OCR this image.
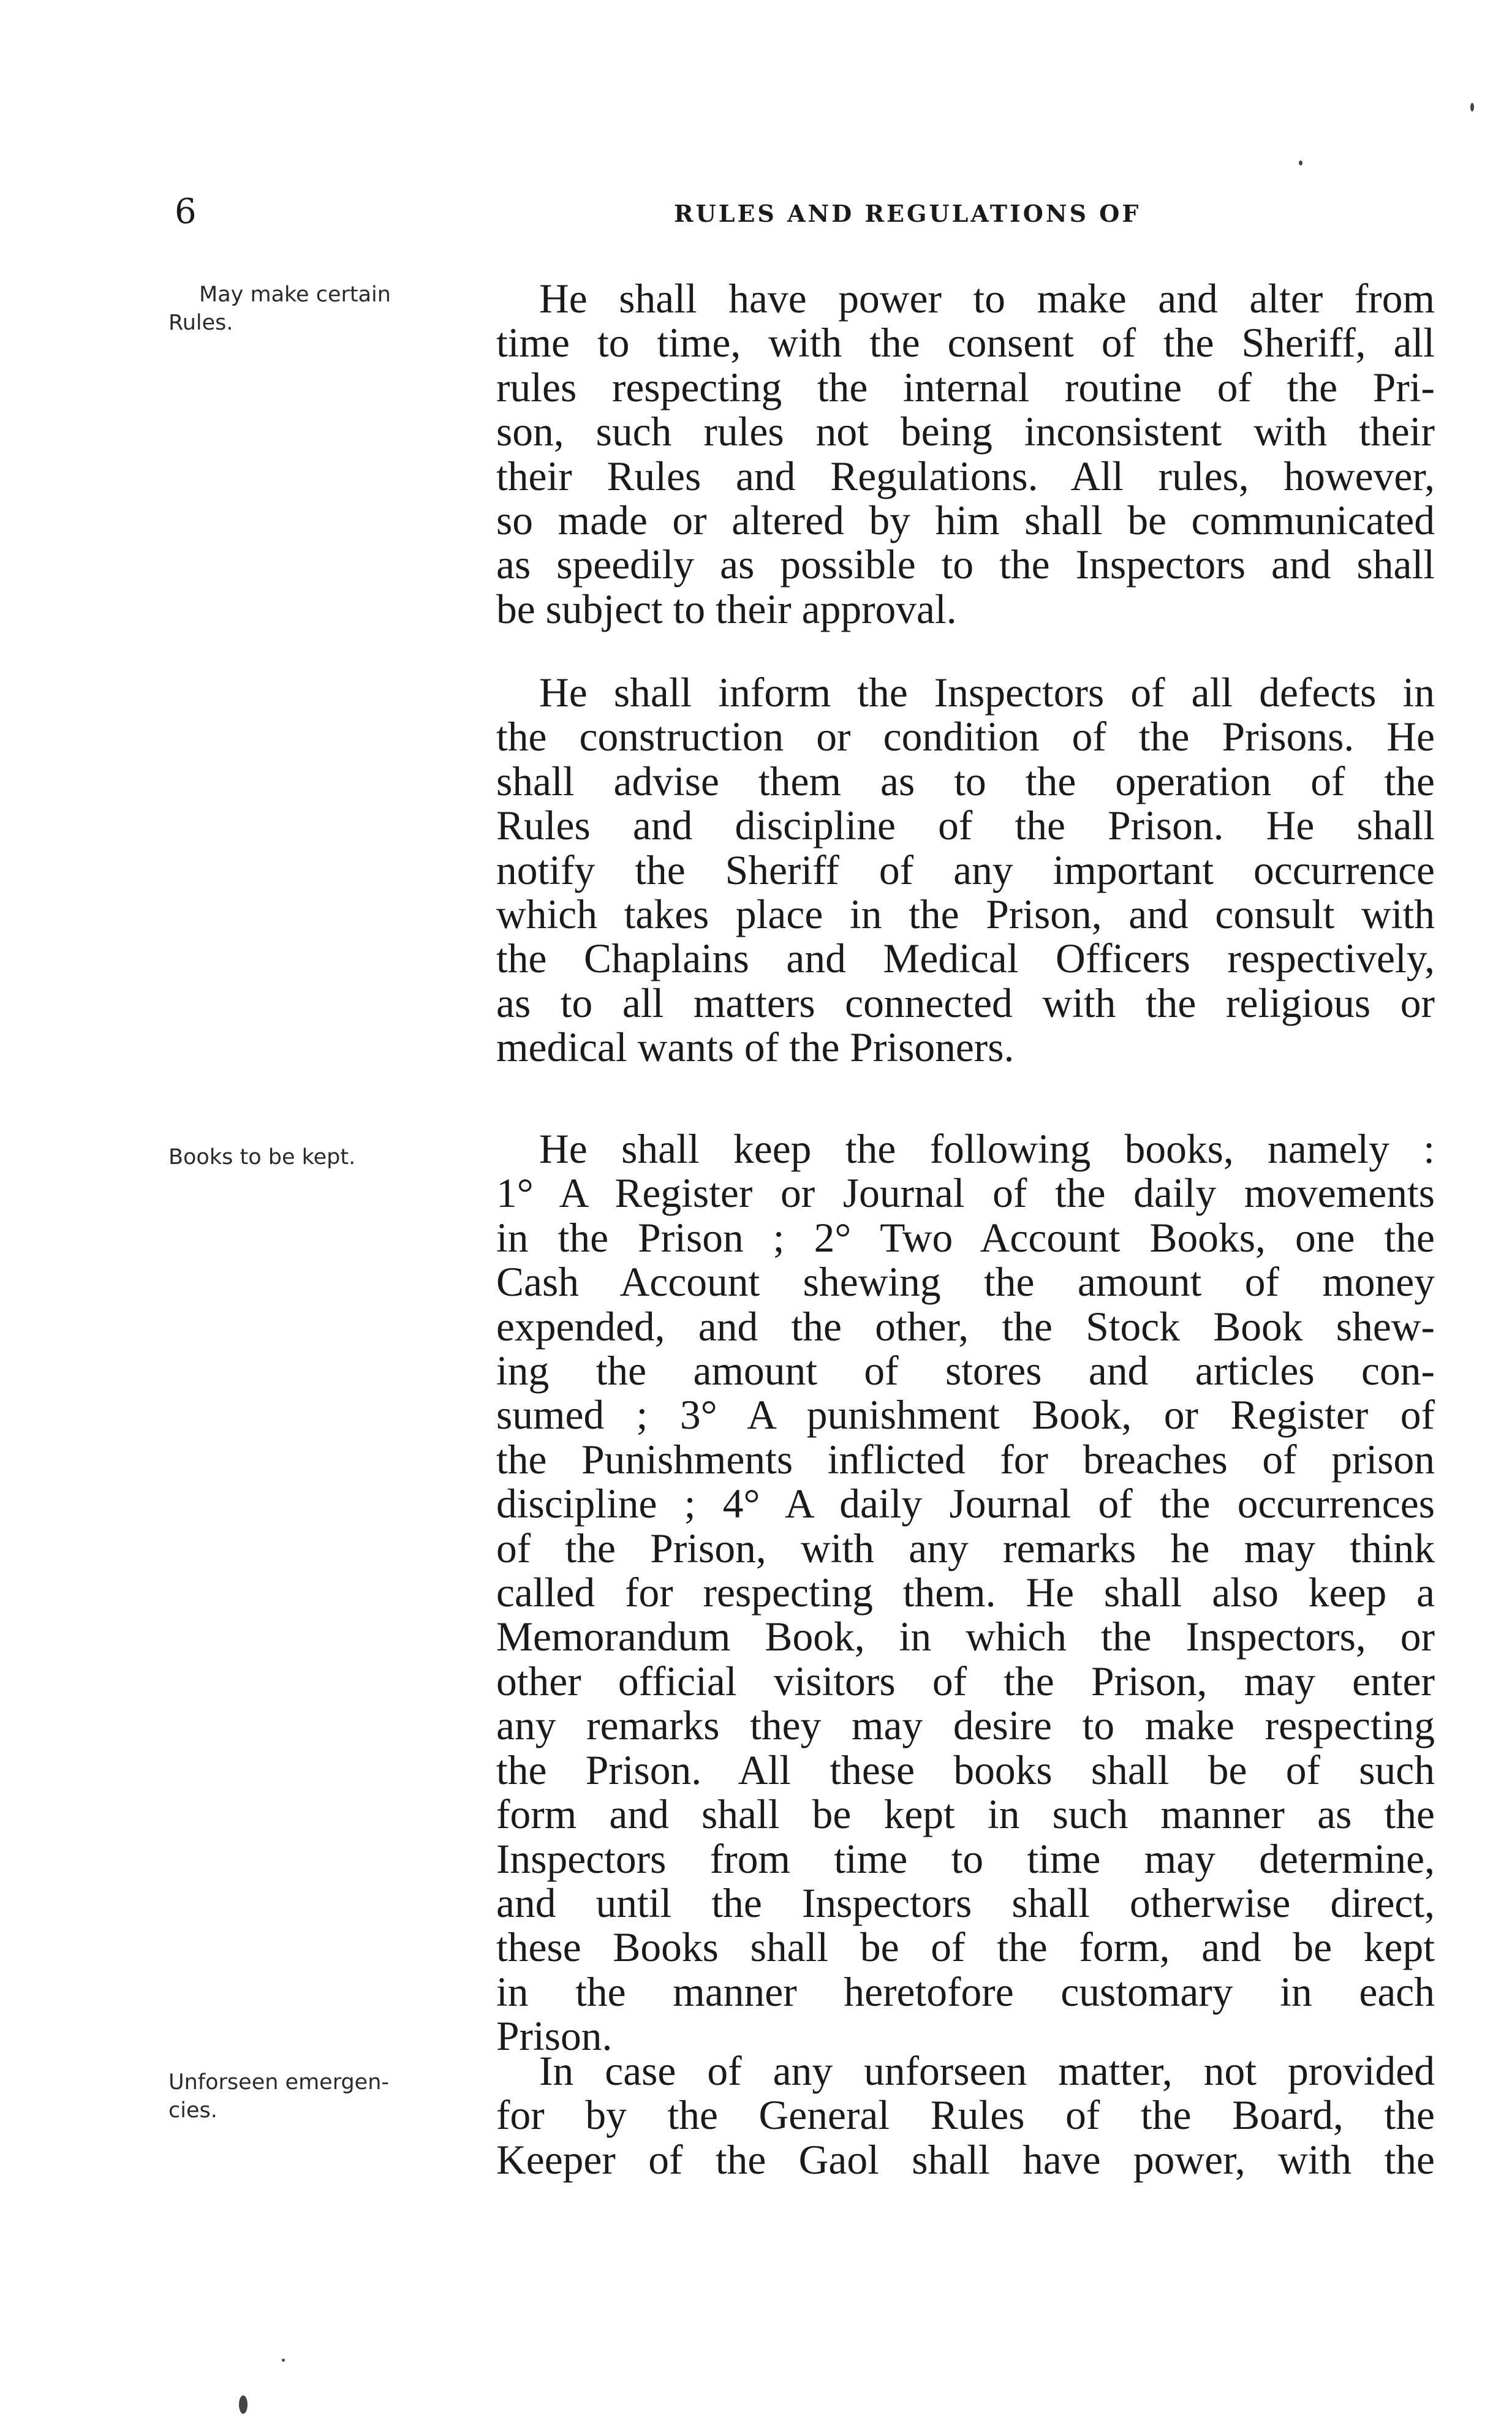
6	RULES AND REGULATIONS OF
May make certain
Rules.
He shall have power to make and alter from
time to time, with the consent of the Sheriff, all
rules respecting the internal routine of the Pri-
son, such rules not being inconsistent with their
their Rules and Regulations. All rules, however,
so made or altered by him shall be communicated
as speedily as possible to the Inspectors and shall
be subject to their approval.
He shall inform the Inspectors of all defects in
the construction or condition of the Prisons. He
shall advise them as to the operation of the
Rules and discipline of the Prison. He shall
notify the Sheriff of any important occurrence
which takes place in the Prison, and consult with
the Chaplains and Medical Officers respectively,
as to all matters connected with the religious or
medical wants of the Prisoners.
Books to be kept.	He shall keep the following books, namely :
1° A Register or Journal of the daily movements
in the Prison ; 2° Two Account Books, one the
Cash Account shewing the amount of money
expended, and the other, the Stock Book shew-
ing the amount of stores and articles con-
sumed ; 3° A punishment Book, or Register of
the Punishments inflicted for breaches of prison
discipline ; 4° A daily Journal of the occurrences
of the Prison, with any remarks he may think
called for respecting them. He shall also keep a
Memorandum Book, in which the Inspectors, or
other official visitors of the Prison, may enter
any remarks they may desire to make respecting
the Prison. All these books shall be of such
form and shall be kept in such manner as the
Inspectors from time to time may determine,
and until the Inspectors shall otherwise direct,
these Books shall be of the form, and be kept
in the manner heretofore customary in each
Prison.
Unforseen emergen-
cies.
In case of any unforseen matter, not provided
for by the General Rules of the Board, the
Keeper of the Gaol shall have power, with the
